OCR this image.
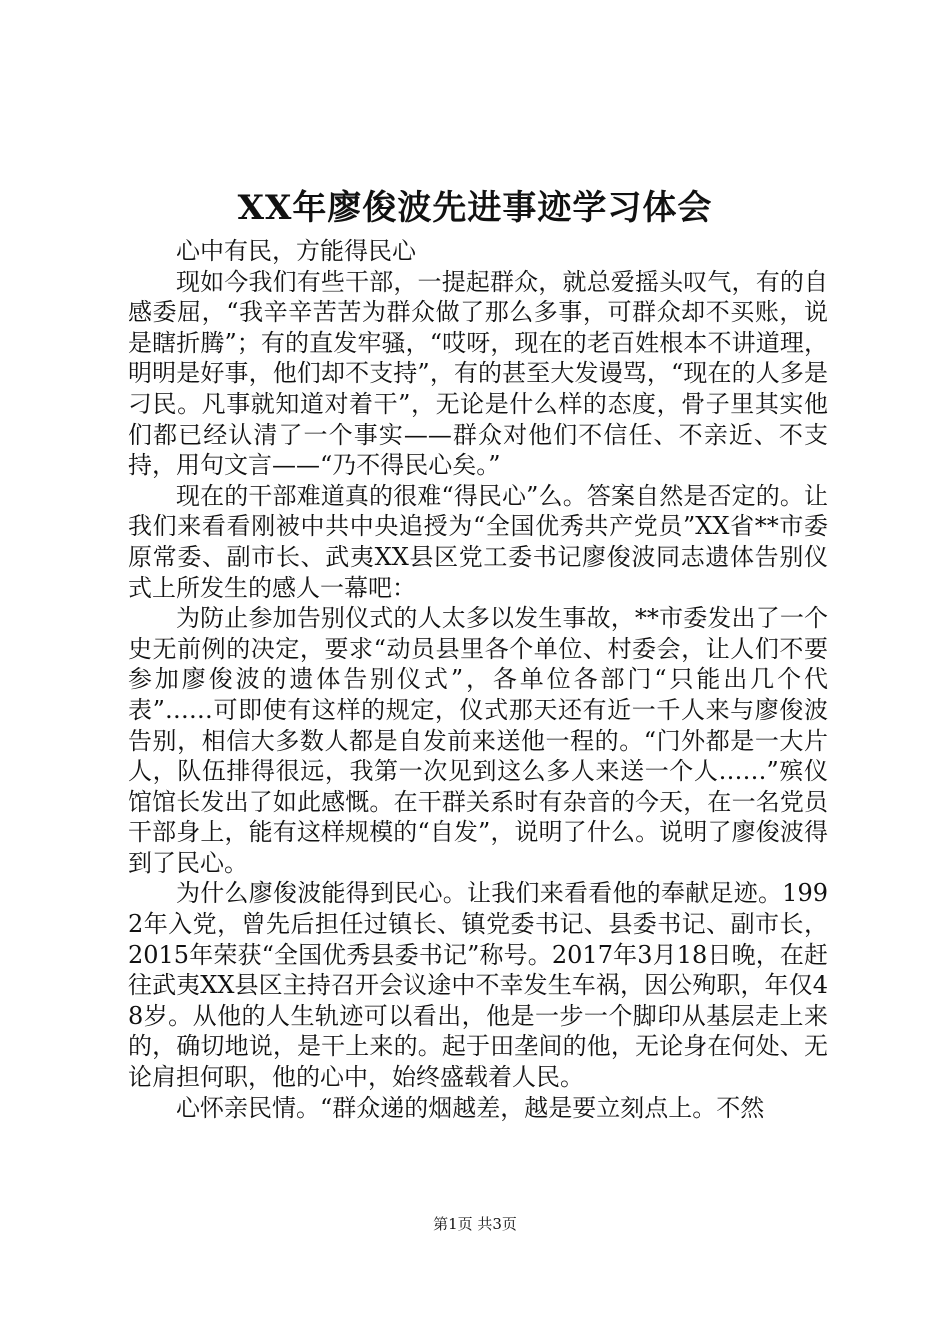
XX年廖俊波先进事迹学习体会

心中有民，方能得民心

现如今我们有些干部，一提起群众，就总爱摇头叹气，有的自感委屈，“我辛辛苦苦为群众做了那么多事，可群众却不买账，说是瞎折腾”；有的直发牢骚，“哎呀，现在的老百姓根本不讲道理，明明是好事，他们却不支持”，有的甚至大发谩骂，“现在的人多是刁民。凡事就知道对着干”，无论是什么样的态度，骨子里其实他们都已经认清了一个事实——群众对他们不信任、不亲近、不支持，用句文言——“乃不得民心矣。”

现在的干部难道真的很难“得民心”么。答案自然是否定的。让我们来看看刚被中共中央追授为“全国优秀共产党员”XX省**市委原常委、副市长、武夷XX县区党工委书记廖俊波同志遗体告别仪式上所发生的感人一幕吧：

为防止参加告别仪式的人太多以发生事故，**市委发出了一个史无前例的决定，要求“动员县里各个单位、村委会，让人们不要参加廖俊波的遗体告别仪式”，各单位各部门“只能出几个代表”……可即使有这样的规定，仪式那天还有近一千人来与廖俊波告别，相信大多数人都是自发前来送他一程的。“门外都是一大片人，队伍排得很远，我第一次见到这么多人来送一个人……”殡仪馆馆长发出了如此感慨。在干群关系时有杂音的今天，在一名党员干部身上，能有这样规模的“自发”，说明了什么。说明了廖俊波得到了民心。

为什么廖俊波能得到民心。让我们来看看他的奉献足迹。1992年入党，曾先后担任过镇长、镇党委书记、县委书记、副市长，2015年荣获“全国优秀县委书记”称号。2017年3月18日晚，在赶往武夷XX县区主持召开会议途中不幸发生车祸，因公殉职，年仅48岁。从他的人生轨迹可以看出，他是一步一个脚印从基层走上来的，确切地说，是干上来的。起于田垄间的他，无论身在何处、无论肩担何职，他的心中，始终盛载着人民。

心怀亲民情。“群众递的烟越差，越是要立刻点上。不然

第1页 共3页
